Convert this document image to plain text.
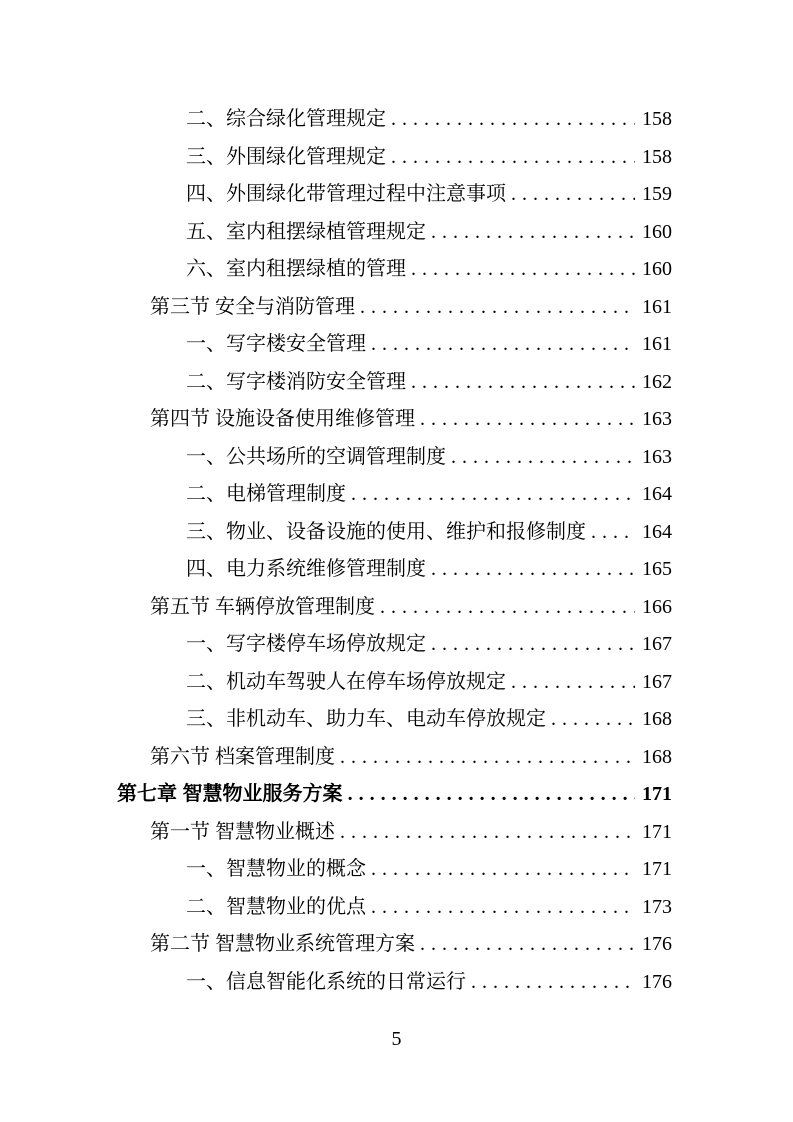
二、综合绿化管理规定 . . .	158
三、外围绿化管理规定 . . .	158
四、外围绿化带管理过程中注意事项 . . .	159
五、室内租摆绿植管理规定 . . .	160
六、室内租摆绿植的管理 . . .	160
第三节 安全与消防管理 . . .	161
一、写字楼安全管理 . . .	161
二、写字楼消防安全管理 . . .	162
第四节 设施设备使用维修管理 . . .	163
一、公共场所的空调管理制度 . . .	163
二、电梯管理制度 . . .	164
三、物业、设备设施的使用、维护和报修制度 . . .	164
四、电力系统维修管理制度 . . .	165
第五节 车辆停放管理制度 . . .	166
一、写字楼停车场停放规定 . . .	167
二、机动车驾驶人在停车场停放规定 . . .	167
三、非机动车、助力车、电动车停放规定 . . .	168
第六节 档案管理制度 . . .	168
第七章 智慧物业服务方案 . . .	171
第一节 智慧物业概述 . . .	171
一、智慧物业的概念 . . .	171
二、智慧物业的优点 . . .	173
第二节 智慧物业系统管理方案 . . .	176
一、信息智能化系统的日常运行 . . .	176
5
